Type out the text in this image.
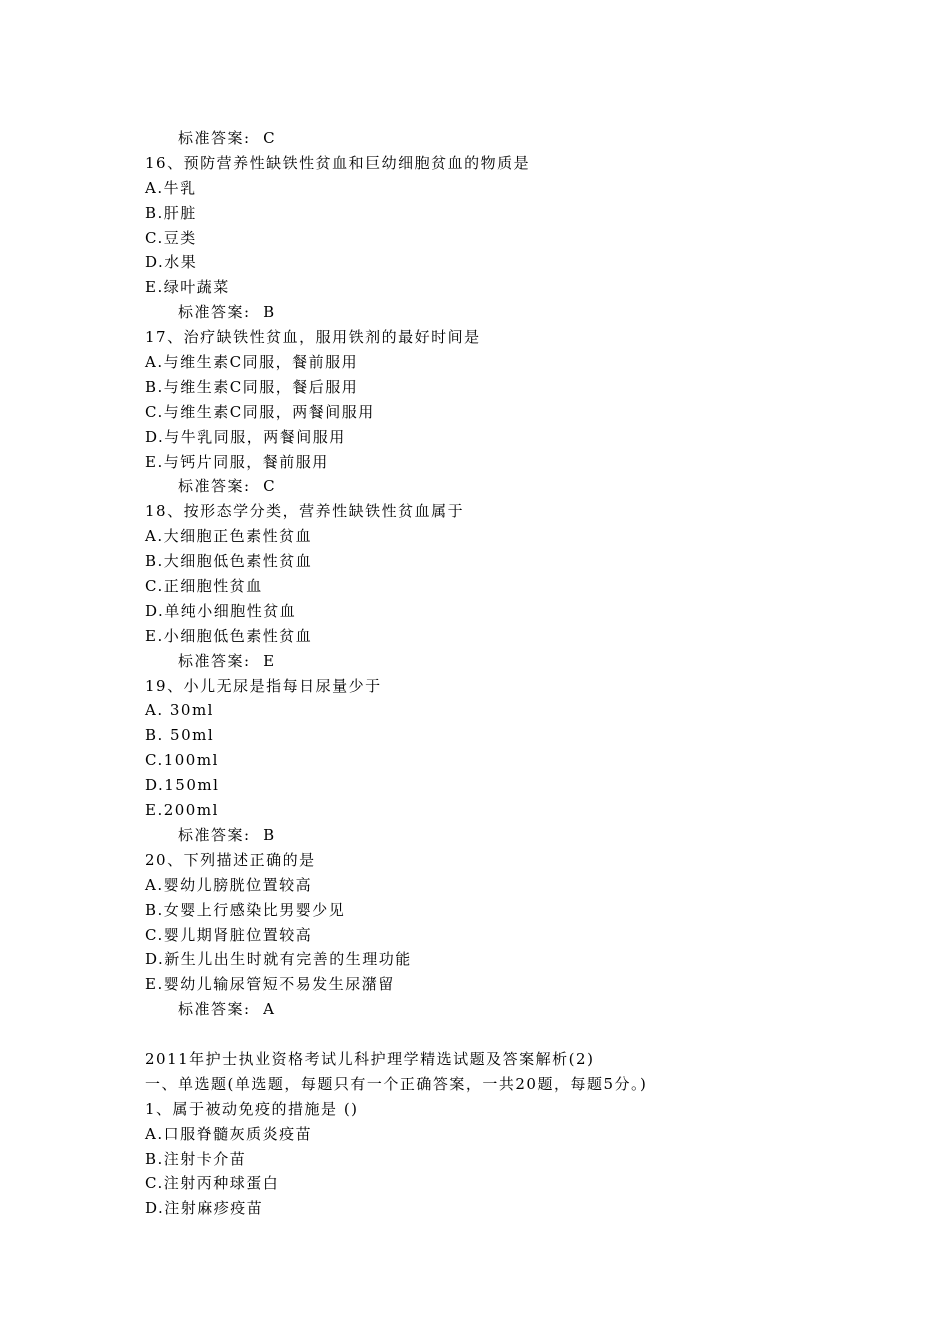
标准答案:  C
16、预防营养性缺铁性贫血和巨幼细胞贫血的物质是
A.牛乳
B.肝脏
C.豆类
D.水果
E.绿叶蔬菜
标准答案:  B
17、治疗缺铁性贫血，服用铁剂的最好时间是
A.与维生素C同服，餐前服用
B.与维生素C同服，餐后服用
C.与维生素C同服，两餐间服用
D.与牛乳同服，两餐间服用
E.与钙片同服，餐前服用
标准答案:  C
18、按形态学分类，营养性缺铁性贫血属于
A.大细胞正色素性贫血
B.大细胞低色素性贫血
C.正细胞性贫血
D.单纯小细胞性贫血
E.小细胞低色素性贫血
标准答案:  E
19、小儿无尿是指每日尿量少于
A. 30ml
B. 50ml
C.100ml
D.150ml
E.200ml
标准答案:  B
20、下列描述正确的是
A.婴幼儿膀胱位置较高
B.女婴上行感染比男婴少见
C.婴儿期肾脏位置较高
D.新生儿出生时就有完善的生理功能
E.婴幼儿输尿管短不易发生尿潴留
标准答案:  A
2011年护士执业资格考试儿科护理学精选试题及答案解析(2)
一、单选题(单选题，每题只有一个正确答案，一共20题，每题5分。)
1、属于被动免疫的措施是 ()
A.口服脊髓灰质炎疫苗
B.注射卡介苗
C.注射丙种球蛋白
D.注射麻疹疫苗
